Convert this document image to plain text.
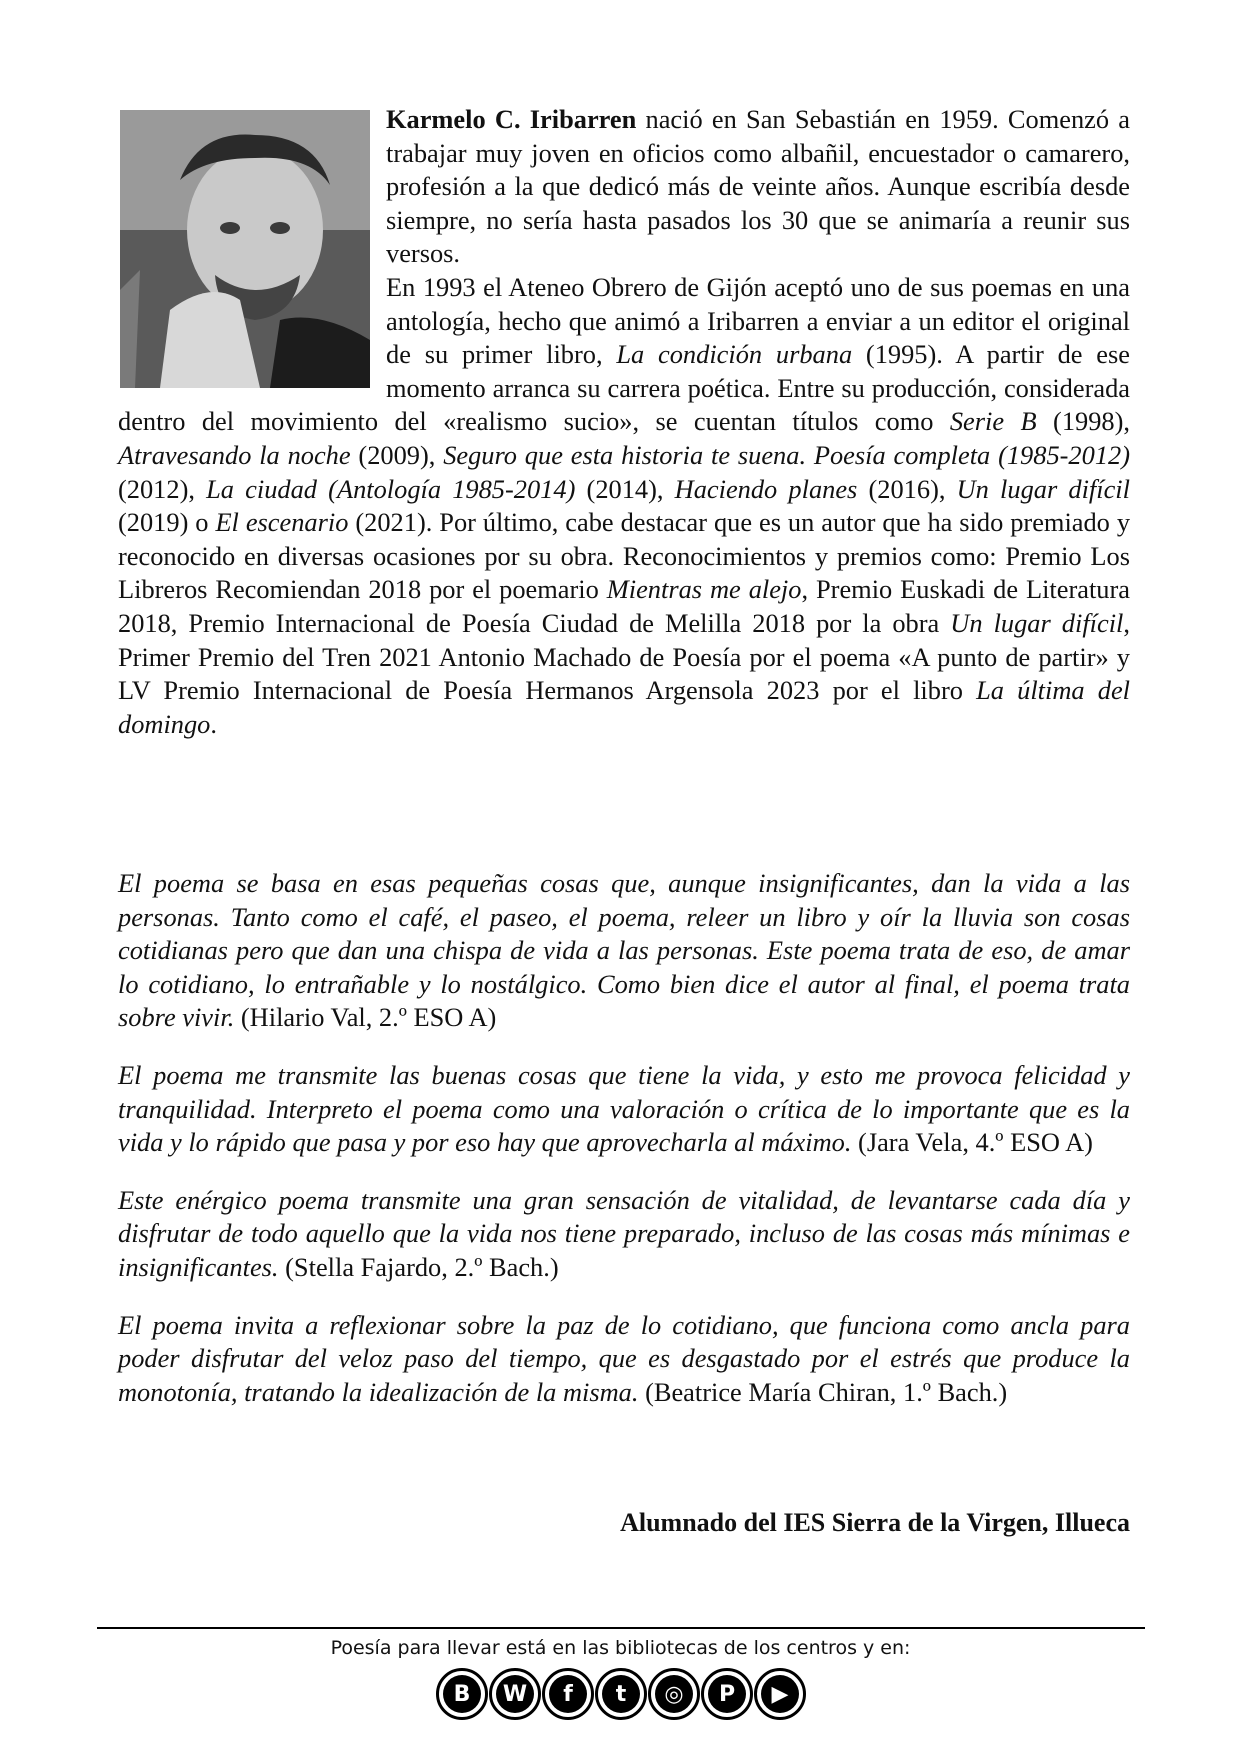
Karmelo C. Iribarren nació en San Sebastián en 1959. Comenzó a trabajar muy joven en oficios como albañil, encuestador o camarero, profesión a la que dedicó más de veinte años. Aunque escribía desde siempre, no sería hasta pasados los 30 que se animaría a reunir sus versos.

En 1993 el Ateneo Obrero de Gijón aceptó uno de sus poemas en una antología, hecho que animó a Iribarren a enviar a un editor el original de su primer libro, La condición urbana (1995). A partir de ese momento arranca su carrera poética. Entre su producción, considerada dentro del movimiento del «realismo sucio», se cuentan títulos como Serie B (1998), Atravesando la noche (2009), Seguro que esta historia te suena. Poesía completa (1985-2012) (2012), La ciudad (Antología 1985-2014) (2014), Haciendo planes (2016), Un lugar difícil (2019) o El escenario (2021). Por último, cabe destacar que es un autor que ha sido premiado y reconocido en diversas ocasiones por su obra. Reconocimientos y premios como: Premio Los Libreros Recomiendan 2018 por el poemario Mientras me alejo, Premio Euskadi de Literatura 2018, Premio Internacional de Poesía Ciudad de Melilla 2018 por la obra Un lugar difícil, Primer Premio del Tren 2021 Antonio Machado de Poesía por el poema «A punto de partir» y LV Premio Internacional de Poesía Hermanos Argensola 2023 por el libro La última del domingo.

El poema se basa en esas pequeñas cosas que, aunque insignificantes, dan la vida a las personas. Tanto como el café, el paseo, el poema, releer un libro y oír la lluvia son cosas cotidianas pero que dan una chispa de vida a las personas. Este poema trata de eso, de amar lo cotidiano, lo entrañable y lo nostálgico. Como bien dice el autor al final, el poema trata sobre vivir. (Hilario Val, 2.º ESO A)

El poema me transmite las buenas cosas que tiene la vida, y esto me provoca felicidad y tranquilidad. Interpreto el poema como una valoración o crítica de lo importante que es la vida y lo rápido que pasa y por eso hay que aprovecharla al máximo. (Jara Vela, 4.º ESO A)

Este enérgico poema transmite una gran sensación de vitalidad, de levantarse cada día y disfrutar de todo aquello que la vida nos tiene preparado, incluso de las cosas más mínimas e insignificantes. (Stella Fajardo, 2.º Bach.)

El poema invita a reflexionar sobre la paz de lo cotidiano, que funciona como ancla para poder disfrutar del veloz paso del tiempo, que es desgastado por el estrés que produce la monotonía, tratando la idealización de la misma. (Beatrice María Chiran, 1.º Bach.)

Alumnado del IES Sierra de la Virgen, Illueca
Poesía para llevar está en las bibliotecas de los centros y en:
B	W	f	t	◎	P	▶
